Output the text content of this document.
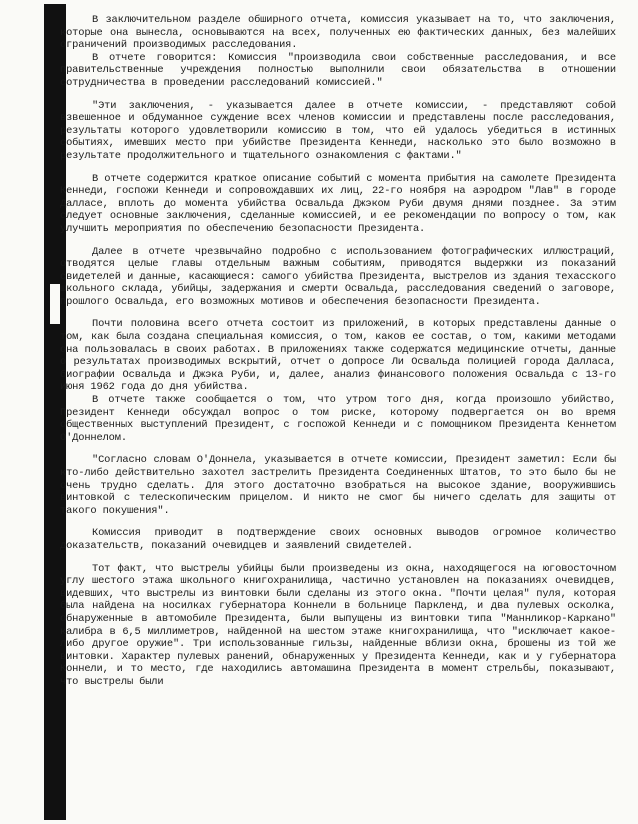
В заключительном разделе обширного отчета, комиссия указывает на то, что заключения, которые она вынесла, основываются на всех, полученных ею фактических данных, без малейших ограничений производимых расследования.

В отчете говорится: Комиссия "производила свои собственные расследования, и все правительственные учреждения полностью выполнили свои обязательства в отношении сотрудничества в проведении расследований комиссией."

"Эти заключения, - указывается далее в отчете комиссии, - представляют собой взвешенное и обдуманное суждение всех членов комиссии и представлены после расследования, результаты которого удовлетворили комиссию в том, что ей удалось убедиться в истинных событиях, имевших место при убийстве Президента Кеннеди, насколько это было возможно в результате продолжительного и тщательного ознакомления с фактами."

В отчете содержится краткое описание событий с момента прибытия на самолете Президента Кеннеди, госпожи Кеннеди и сопровождавших их лиц, 22-го ноября на аэродром "Лав" в городе Далласе, вплоть до момента убийства Освальда Джэком Руби двумя днями позднее. За этим следует основные заключения, сделанные комиссией, и ее рекомендации по вопросу о том, как улучшить мероприятия по обеспечению безопасности Президента.

Далее в отчете чрезвычайно подробно с использованием фотографических иллюстраций, отводятся целые главы отдельным важным событиям, приводятся выдержки из показаний свидетелей и данные, касающиеся: самого убийства Президента, выстрелов из здания техасского школьного склада, убийцы, задержания и смерти Освальда, расследования сведений о заговоре, прошлого Освальда, его возможных мотивов и обеспечения безопасности Президента.

Почти половина всего отчета состоит из приложений, в которых представлены данные о том, как была создана специальная комиссия, о том, каков ее состав, о том, какими методами она пользовалась в своих работах. В приложениях также содержатся медицинские отчеты, данные о результатах производимых вскрытий, отчет о допросе Ли Освальда полицией города Далласа, биографии Освальда и Джэка Руби, и, далее, анализ финансового положения Освальда с 13-го июня 1962 года до дня убийства.

В отчете также сообщается о том, что утром того дня, когда произошло убийство, Президент Кеннеди обсуждал вопрос о том риске, которому подвергается он во время общественных выступлений Президент, с госпожой Кеннеди и с помощником Президента Кеннетом О'Доннелом.

"Согласно словам О'Доннела, указывается в отчете комиссии, Президент заметил: Если бы кто-либо действительно захотел застрелить Президента Соединенных Штатов, то это было бы не очень трудно сделать. Для этого достаточно взобраться на высокое здание, вооружившись винтовкой с телескопическим прицелом. И никто не смог бы ничего сделать для защиты от такого покушения".

Комиссия приводит в подтверждение своих основных выводов огромное количество доказательств, показаний очевидцев и заявлений свидетелей.

Тот факт, что выстрелы убийцы были произведены из окна, находящегося на юговосточном углу шестого этажа школьного книгохранилища, частично установлен на показаниях очевидцев, видевших, что выстрелы из винтовки были сделаны из этого окна. "Почти целая" пуля, которая была найдена на носилках губернатора Коннели в больнице Паркленд, и два пулевых осколка, обнаруженные в автомобиле Президента, были выпущены из винтовки типа "Маннликор-Каркано" калибра в 6,5 миллиметров, найденной на шестом этаже книгохранилища, что "исключает какое-либо другое оружие". Три использованные гильзы, найденные вблизи окна, брошены из той же винтовки. Характер пулевых ранений, обнаруженных у Президента Кеннеди, как и у губернатора Коннели, и то место, где находились автомашина Президента в момент стрельбы, показывают, что выстрелы были
